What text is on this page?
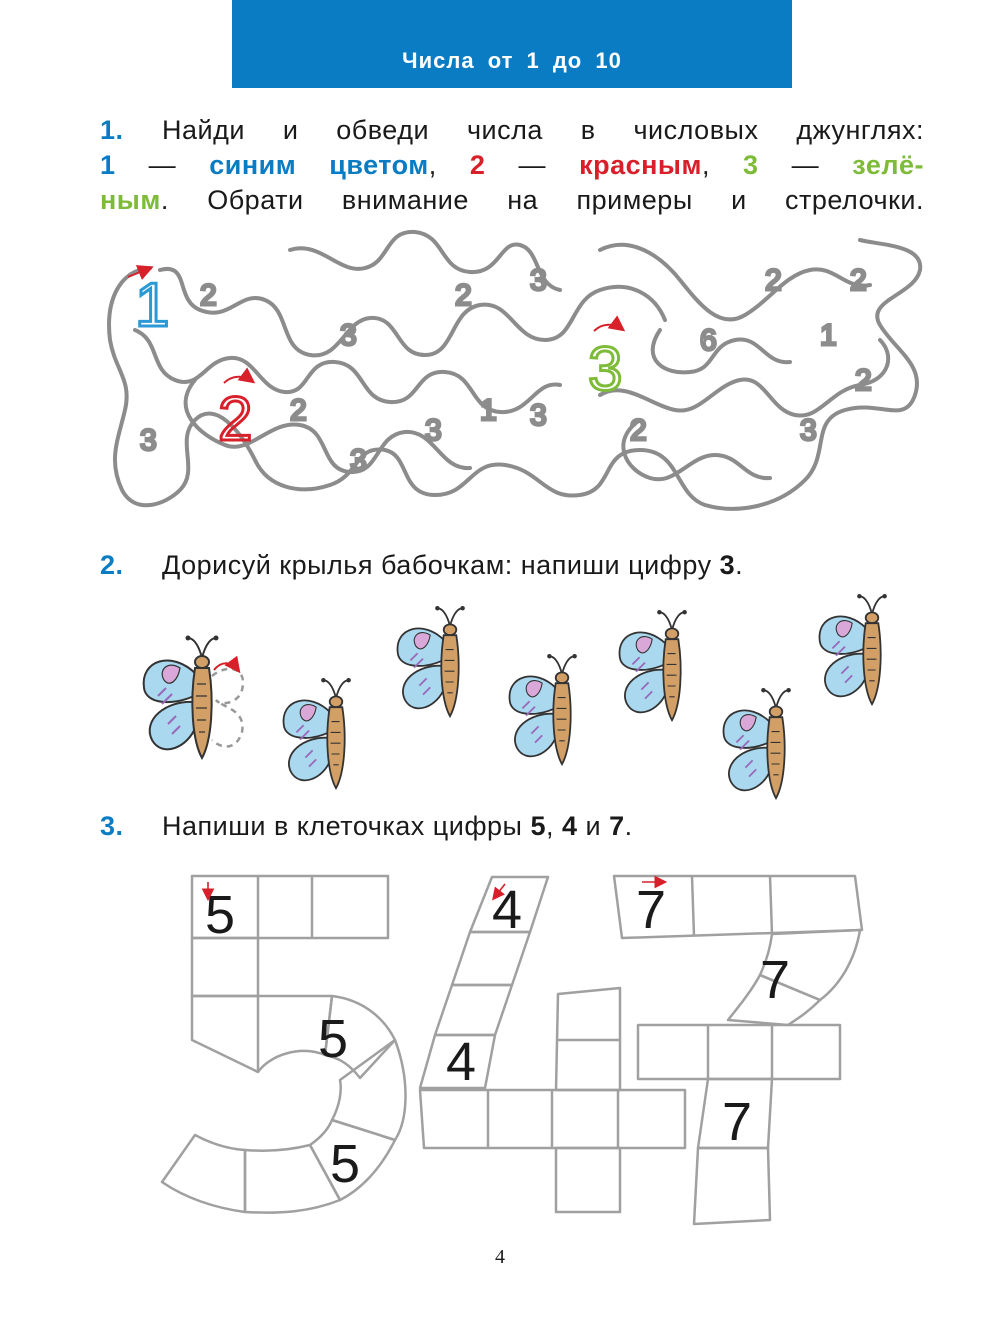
Числа от 1 до 10
1. Найди и обведи числа в числовых джунглях:
1 — синим цветом, 2 — красным, 3 — зелё-
ным. Обрати внимание на примеры и стрелочки.
2
3
2 3	2 2
1
2
3
2
3
3
1 3	2
6
3
1
2
3
2. Дорисуй крылья бабочкам: напиши цифру 3.
3. Напиши в клеточках цифры 5, 4 и 7.
5
5
5
4
4
7
7
7
4
